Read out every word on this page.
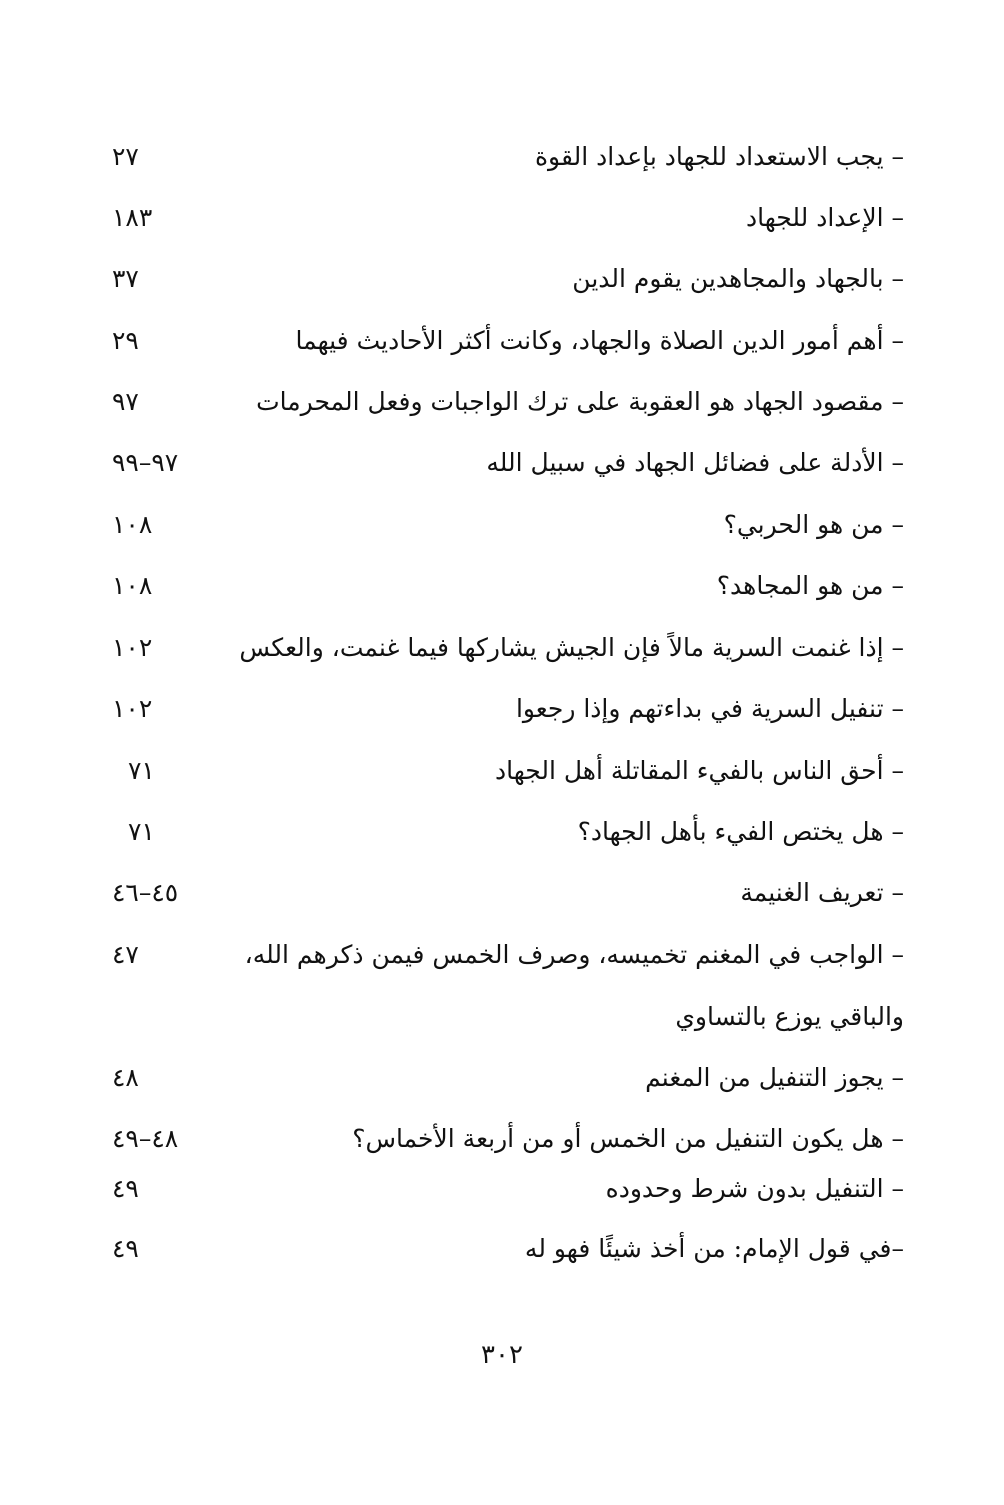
– يجب الاستعداد للجهاد بإعداد القوة
٢٧
– الإعداد للجهاد
١٨٣
– بالجهاد والمجاهدين يقوم الدين
٣٧
– أهم أمور الدين الصلاة والجهاد، وكانت أكثر الأحاديث فيهما
٢٩
– مقصود الجهاد هو العقوبة على ترك الواجبات وفعل المحرمات
٩٧
– الأدلة على فضائل الجهاد في سبيل الله
٩٧–٩٩
– من هو الحربي؟
١٠٨
– من هو المجاهد؟
١٠٨
– إذا غنمت السرية مالاً فإن الجيش يشاركها فيما غنمت، والعكس
١٠٢
– تنفيل السرية في بداءتهم وإذا رجعوا
١٠٢
– أحق الناس بالفيء المقاتلة أهل الجهاد
٧١
– هل يختص الفيء بأهل الجهاد؟
٧١
– تعريف الغنيمة
٤٥–٤٦
– الواجب في المغنم تخميسه، وصرف الخمس فيمن ذكرهم الله،
٤٧
والباقي يوزع بالتساوي
– يجوز التنفيل من المغنم
٤٨
– هل يكون التنفيل من الخمس أو من أربعة الأخماس؟
٤٨–٤٩
– التنفيل بدون شرط وحدوده
٤٩
–في قول الإمام: من أخذ شيئًا فهو له
٤٩
٣٠٢
